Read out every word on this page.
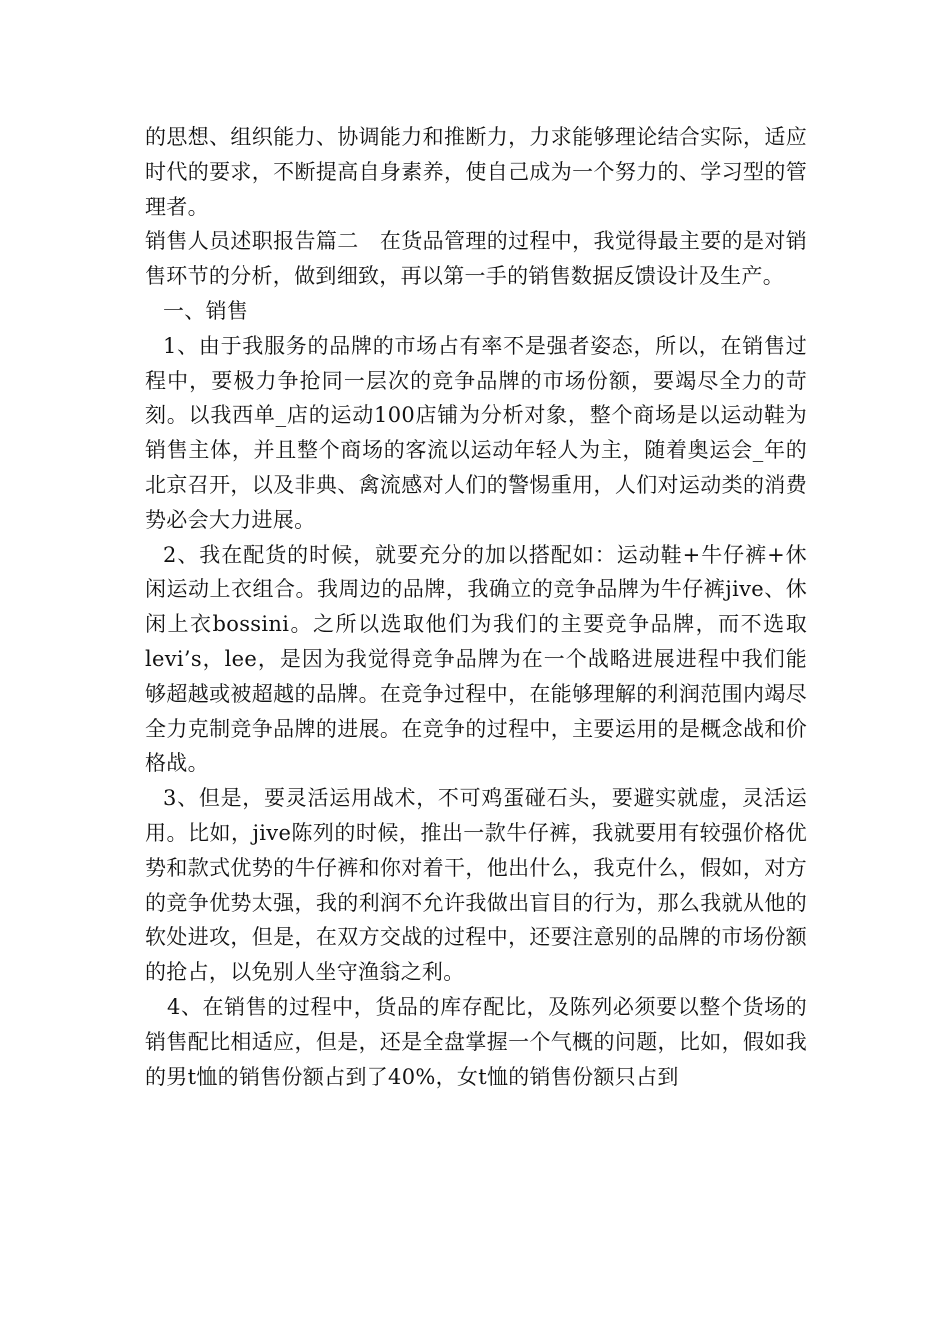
的思想、组织能力、协调能力和推断力，力求能够理论结合实际，适应时代的要求，不断提高自身素养，使自己成为一个努力的、学习型的管理者。

销售人员述职报告篇二　在货品管理的过程中，我觉得最主要的是对销售环节的分析，做到细致，再以第一手的销售数据反馈设计及生产。

一、销售

1、由于我服务的品牌的市场占有率不是强者姿态，所以，在销售过程中，要极力争抢同一层次的竞争品牌的市场份额，要竭尽全力的苛刻。以我西单_店的运动100店铺为分析对象，整个商场是以运动鞋为销售主体，并且整个商场的客流以运动年轻人为主，随着奥运会_年的北京召开，以及非典、禽流感对人们的警惕重用，人们对运动类的消费势必会大力进展。

2、我在配货的时候，就要充分的加以搭配如：运动鞋+牛仔裤+休闲运动上衣组合。我周边的品牌，我确立的竞争品牌为牛仔裤jive、休闲上衣bossini。之所以选取他们为我们的主要竞争品牌，而不选取levi’s，lee，是因为我觉得竞争品牌为在一个战略进展进程中我们能够超越或被超越的品牌。在竞争过程中，在能够理解的利润范围内竭尽全力克制竞争品牌的进展。在竞争的过程中，主要运用的是概念战和价格战。

3、但是，要灵活运用战术，不可鸡蛋碰石头，要避实就虚，灵活运用。比如，jive陈列的时候，推出一款牛仔裤，我就要用有较强价格优势和款式优势的牛仔裤和你对着干，他出什么，我克什么，假如，对方的竞争优势太强，我的利润不允许我做出盲目的行为，那么我就从他的软处进攻，但是，在双方交战的过程中，还要注意别的品牌的市场份额的抢占，以免别人坐守渔翁之利。

4、在销售的过程中，货品的库存配比，及陈列必须要以整个货场的销售配比相适应，但是，还是全盘掌握一个气概的问题，比如，假如我的男t恤的销售份额占到了40%，女t恤的销售份额只占到
